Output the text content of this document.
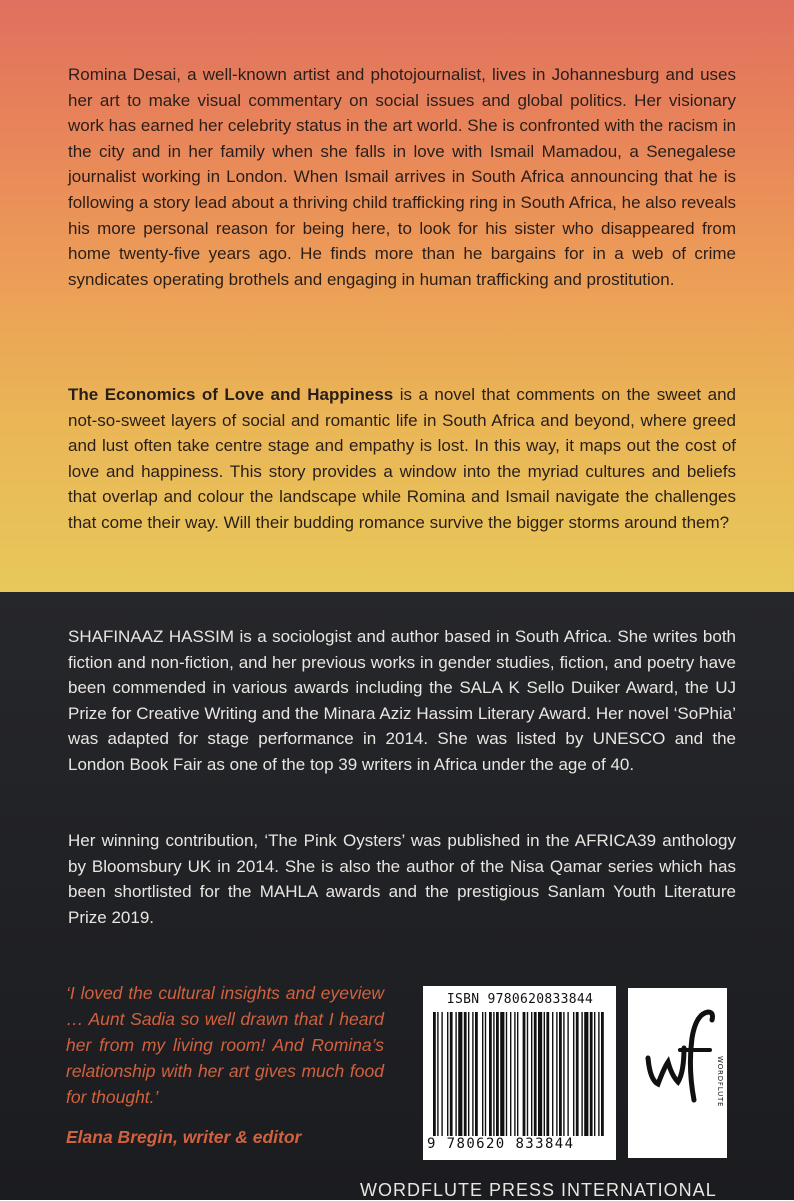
Romina Desai, a well-known artist and photojournalist, lives in Johannesburg and uses her art to make visual commentary on social issues and global politics. Her visionary work has earned her celebrity status in the art world. She is confronted with the racism in the city and in her family when she falls in love with Ismail Mamadou, a Senegalese journalist working in London. When Ismail arrives in South Africa announcing that he is following a story lead about a thriving child trafficking ring in South Africa, he also reveals his more personal reason for being here, to look for his sister who disappeared from home twenty-five years ago. He finds more than he bargains for in a web of crime syndicates operating brothels and engaging in human trafficking and prostitution.

The Economics of Love and Happiness is a novel that comments on the sweet and not-so-sweet layers of social and romantic life in South Africa and beyond, where greed and lust often take centre stage and empathy is lost. In this way, it maps out the cost of love and happiness. This story provides a window into the myriad cultures and beliefs that overlap and colour the landscape while Romina and Ismail navigate the challenges that come their way. Will their budding romance survive the bigger storms around them?

SHAFINAAZ HASSIM is a sociologist and author based in South Africa. She writes both fiction and non-fiction, and her previous works in gender studies, fiction, and poetry have been commended in various awards including the SALA K Sello Duiker Award, the UJ Prize for Creative Writing and the Minara Aziz Hassim Literary Award. Her novel ‘SoPhia’ was adapted for stage performance in 2014. She was listed by UNESCO and the London Book Fair as one of the top 39 writers in Africa under the age of 40.

Her winning contribution, ‘The Pink Oysters’ was published in the AFRICA39 anthology by Bloomsbury UK in 2014. She is also the author of the Nisa Qamar series which has been shortlisted for the MAHLA awards and the prestigious Sanlam Youth Literature Prize 2019.

‘I loved the cultural insights and eyeview … Aunt Sadia so well drawn that I heard her from my living room! And Romina’s relationship with her art gives much food for thought.’

Elana Bregin, writer & editor

ISBN 9780620833844
9 780620 833844
WORDFLUTE

WORDFLUTE PRESS INTERNATIONAL
